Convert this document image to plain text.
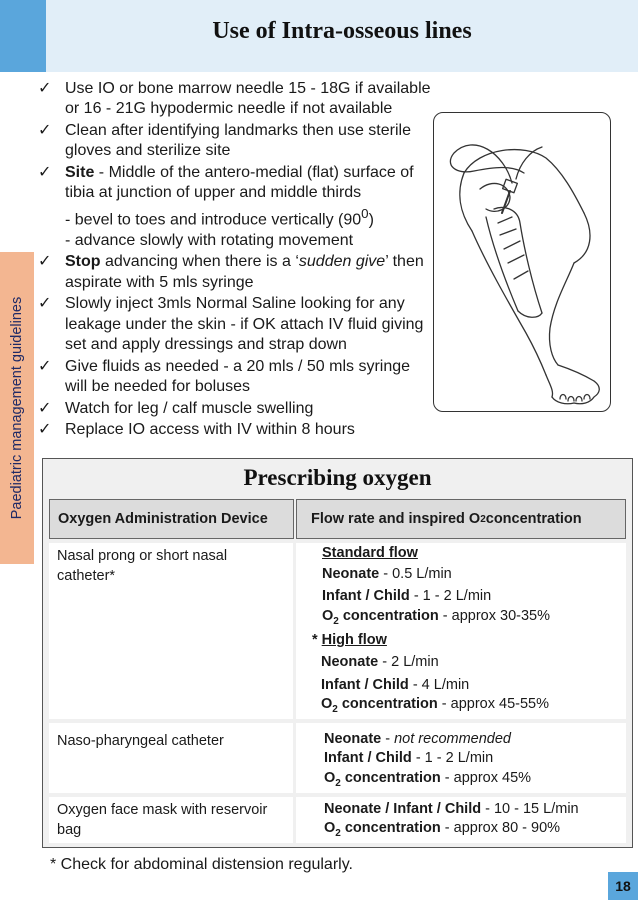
Use of Intra-osseous lines
Paediatric management guidelines
✓ Use IO or bone marrow needle 15 - 18G if available or 16 - 21G hypodermic needle if not available
✓ Clean after identifying landmarks then use sterile gloves and sterilize site
✓ Site - Middle of the antero-medial (flat) surface of tibia at junction of upper and middle thirds
- bevel to toes and introduce vertically $(90^0)$
- advance slowly with rotating movement
✓ Stop advancing when there is a ‘sudden give’ then aspirate with 5 mls syringe
✓ Slowly inject 3mls Normal Saline looking for any leakage under the skin - if OK attach IV fluid giving set and apply dressings and strap down
✓ Give fluids as needed - a 20 mls / 50 mls syringe will be needed for boluses
✓ Watch for leg / calf muscle swelling
✓ Replace IO access with IV within 8 hours
Prescribing oxygen
Oxygen Administration Device	Flow rate and inspired O 2 concentration
Nasal prong or short nasal catheter*
Standard flow
Neonate - 0.5 L/min
Infant / Child - 1 - 2 L/min
$O_2$ concentration - approx 30-35%
* High flow
Neonate - 2 L/min
Infant / Child - 4 L/min
$O_2$ concentration - approx 45-55%
Naso-pharyngeal catheter	Neonate - not recommended
Infant / Child - 1 - 2 L/min
$O_2$ concentration - approx 45%
Oxygen face mask with reservoir bag
Neonate / Infant / Child - 10 - 15 L/min
$O_2$ concentration - approx 80 - 90%
* Check for abdominal distension regularly.
18
